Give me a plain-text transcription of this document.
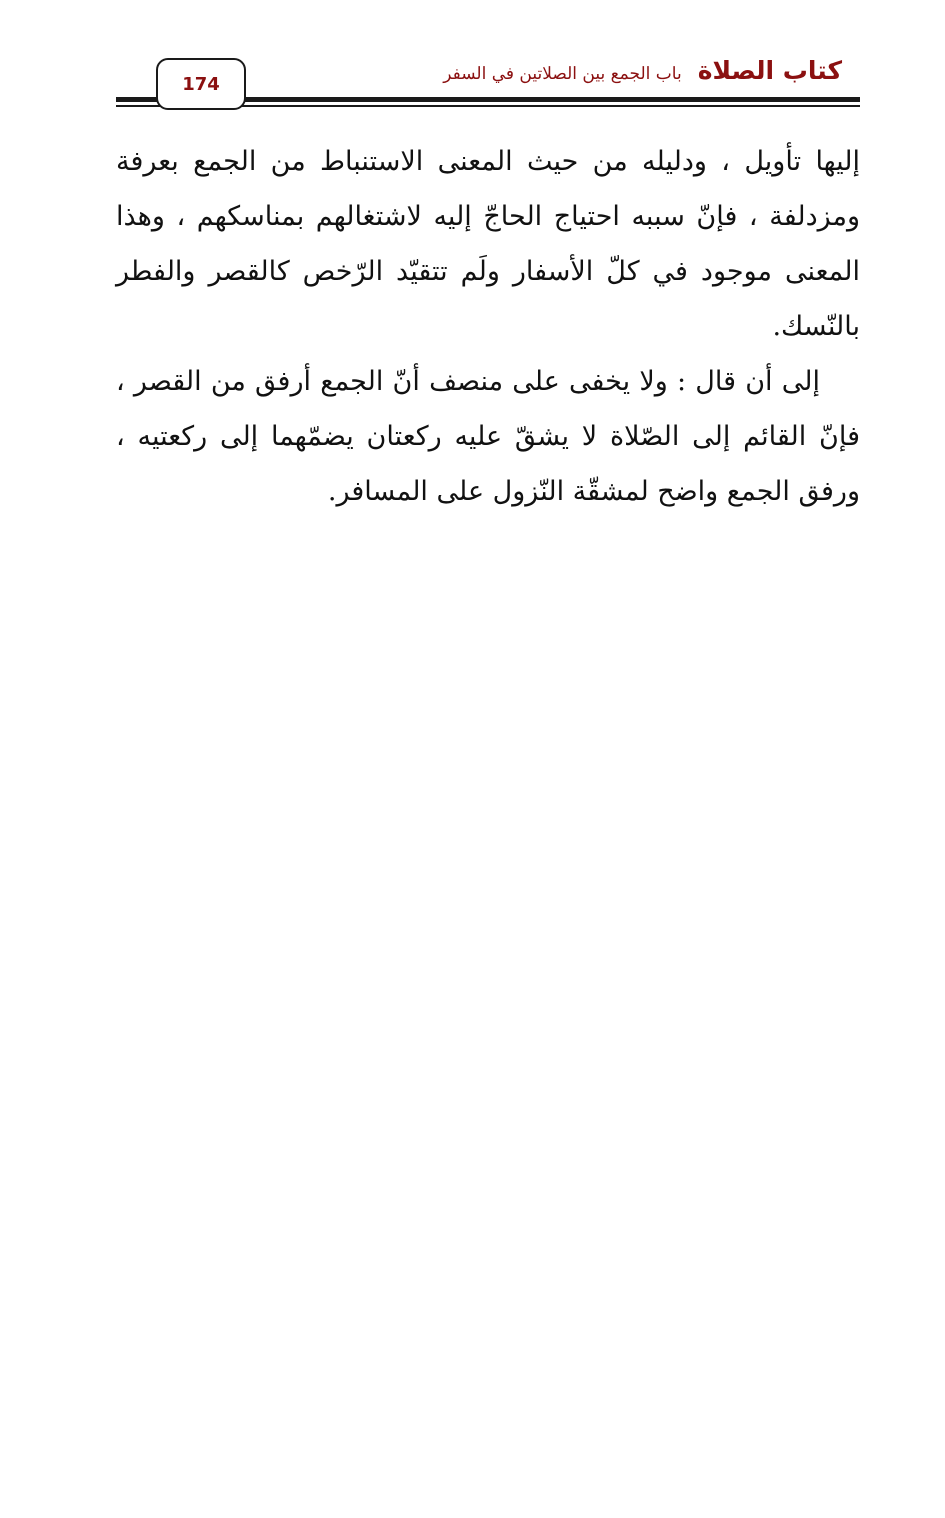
174	كتاب الصلاة
باب الجمع بين الصلاتين في السفر

إليها تأويل ، ودليله من حيث المعنى الاستنباط من الجمع بعرفة ومزدلفة ، فإنّ سببه احتياج الحاجّ إليه لاشتغالهم بمناسكهم ، وهذا المعنى موجود في كلّ الأسفار ولَم تتقيّد الرّخص كالقصر والفطر بالنّسك.

إلى أن قال : ولا يخفى على منصف أنّ الجمع أرفق من القصر ، فإنّ القائم إلى الصّلاة لا يشقّ عليه ركعتان يضمّهما إلى ركعتيه ، ورفق الجمع واضح لمشقّة النّزول على المسافر.
